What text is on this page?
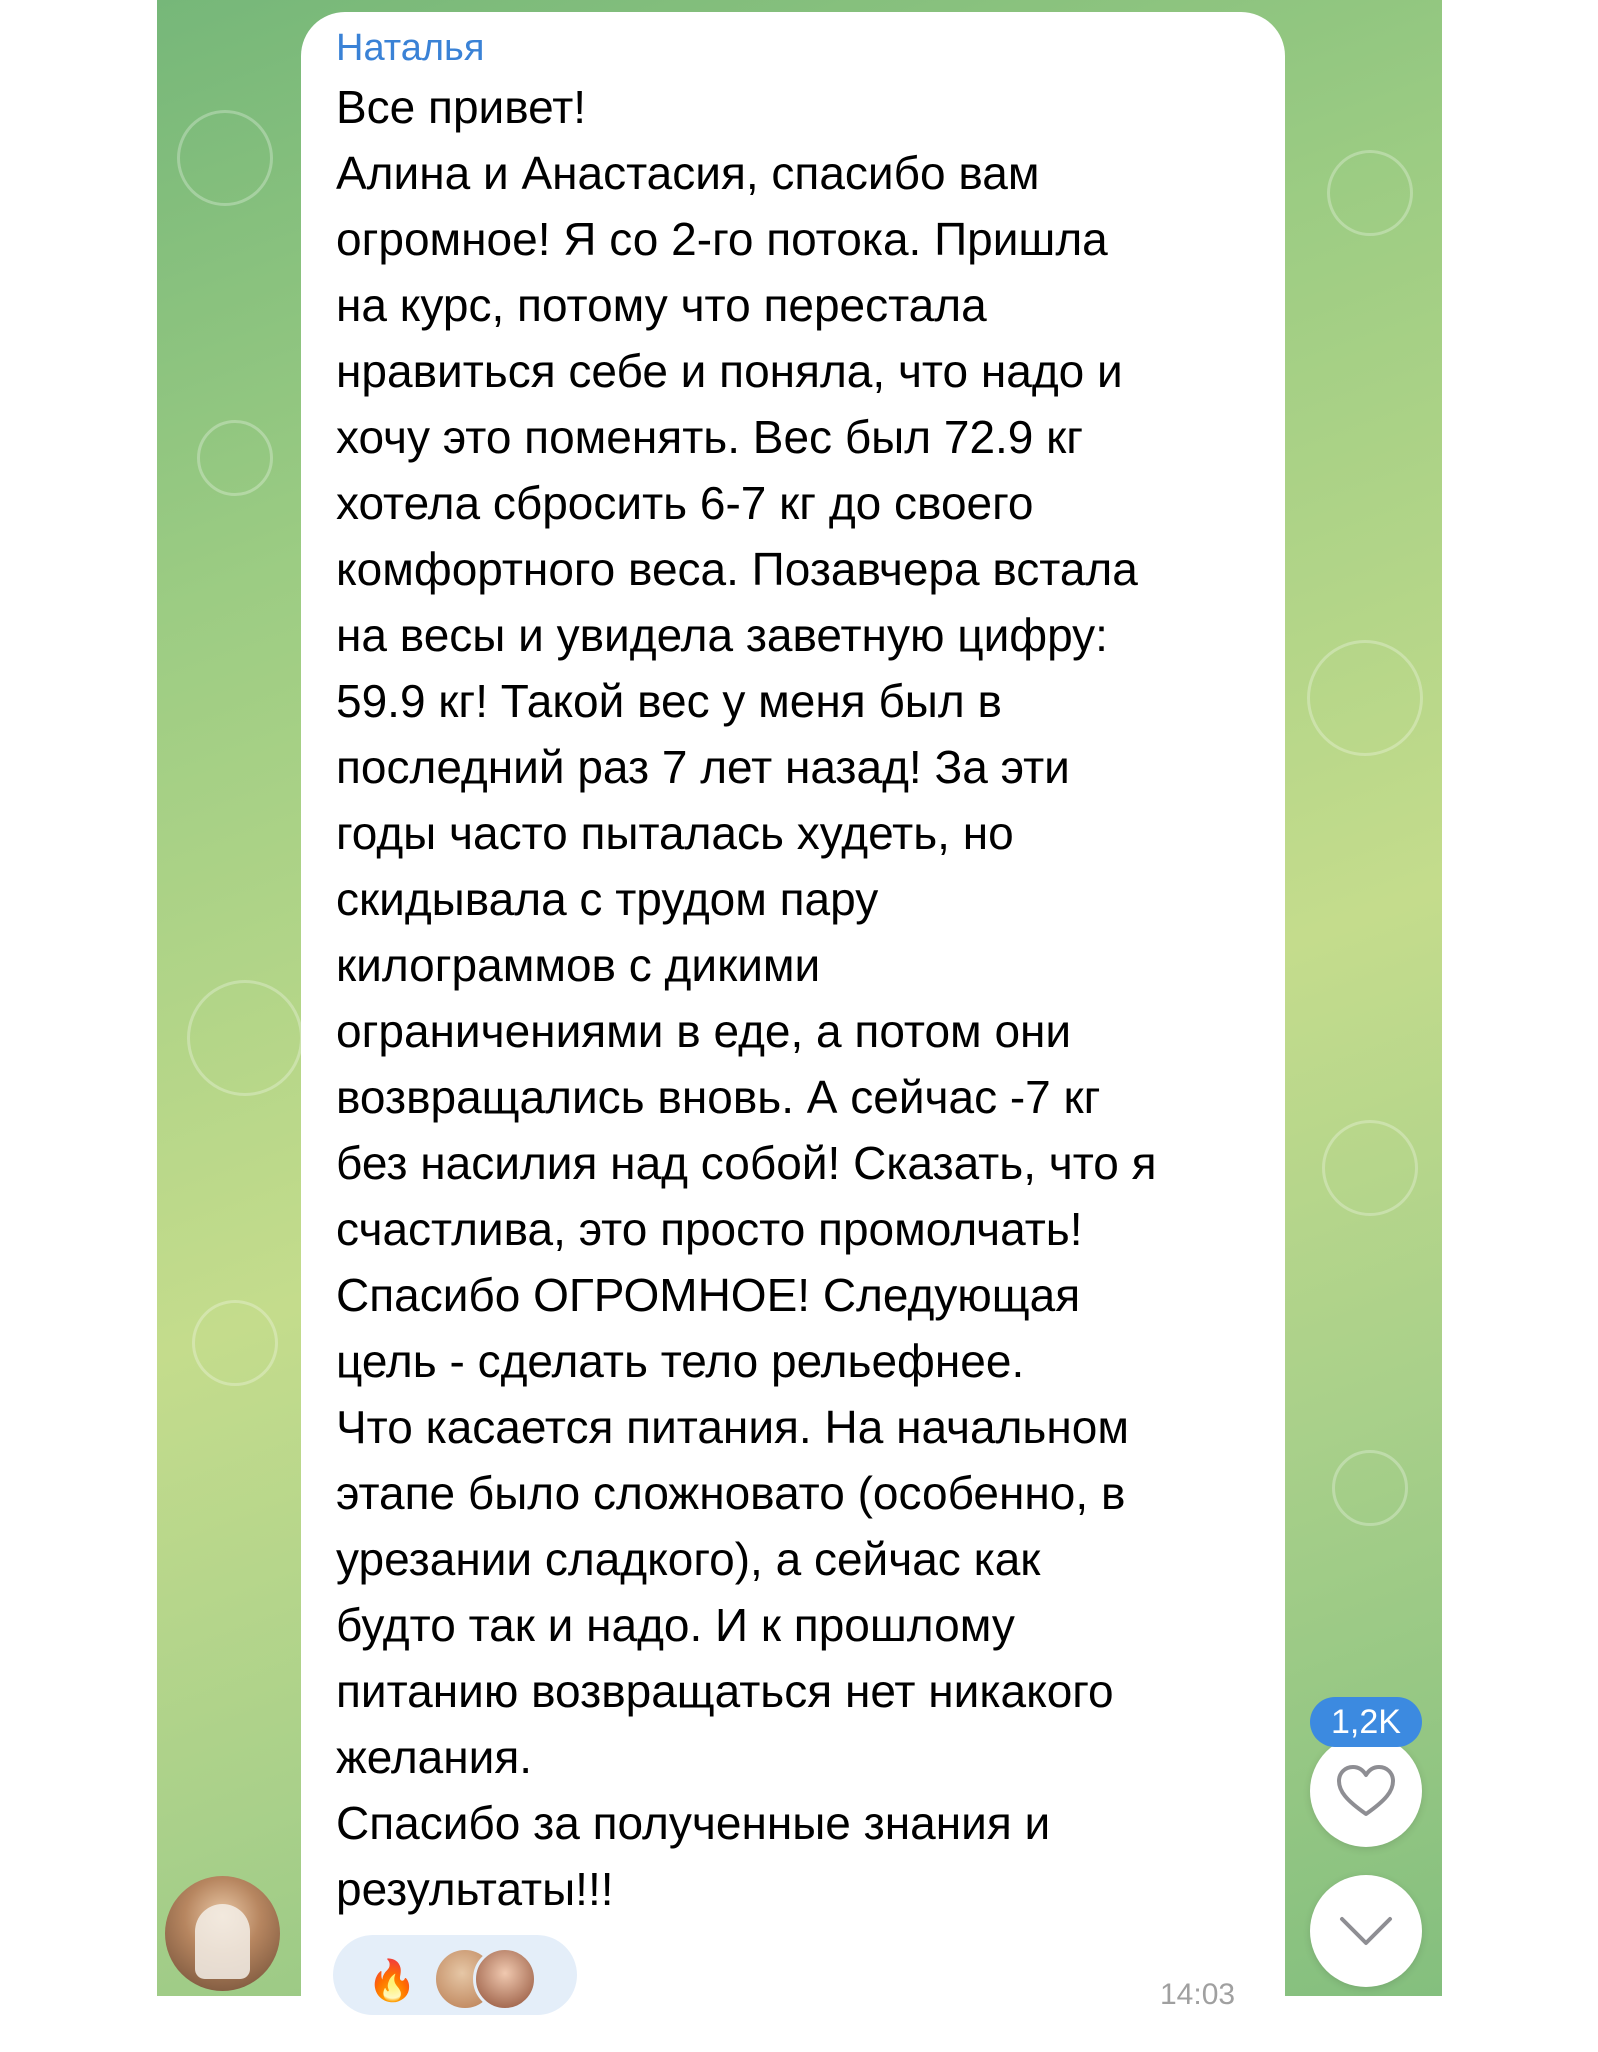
Наталья
Все привет!
Алина и Анастасия, спасибо вам
огромное! Я со 2-го потока. Пришла
на курс, потому что перестала
нравиться себе и поняла, что надо и
хочу это поменять. Вес был 72.9 кг
хотела сбросить 6-7 кг до своего
комфортного веса. Позавчера встала
на весы и увидела заветную цифру:
59.9 кг! Такой вес у меня был в
последний раз 7 лет назад! За эти
годы часто пыталась худеть, но
скидывала с трудом пару
килограммов с дикими
ограничениями в еде, а потом они
возвращались вновь. А сейчас -7 кг
без насилия над собой! Сказать, что я
счастлива, это просто промолчать!
Спасибо ОГРОМНОЕ! Следующая
цель - сделать тело рельефнее.
Что касается питания. На начальном
этапе было сложновато (особенно, в
урезании сладкого), а сейчас как
будто так и надо. И к прошлому
питанию возвращаться нет никакого
желания.
Спасибо за полученные знания и
результаты!!!
🔥	14:03
1,2K
